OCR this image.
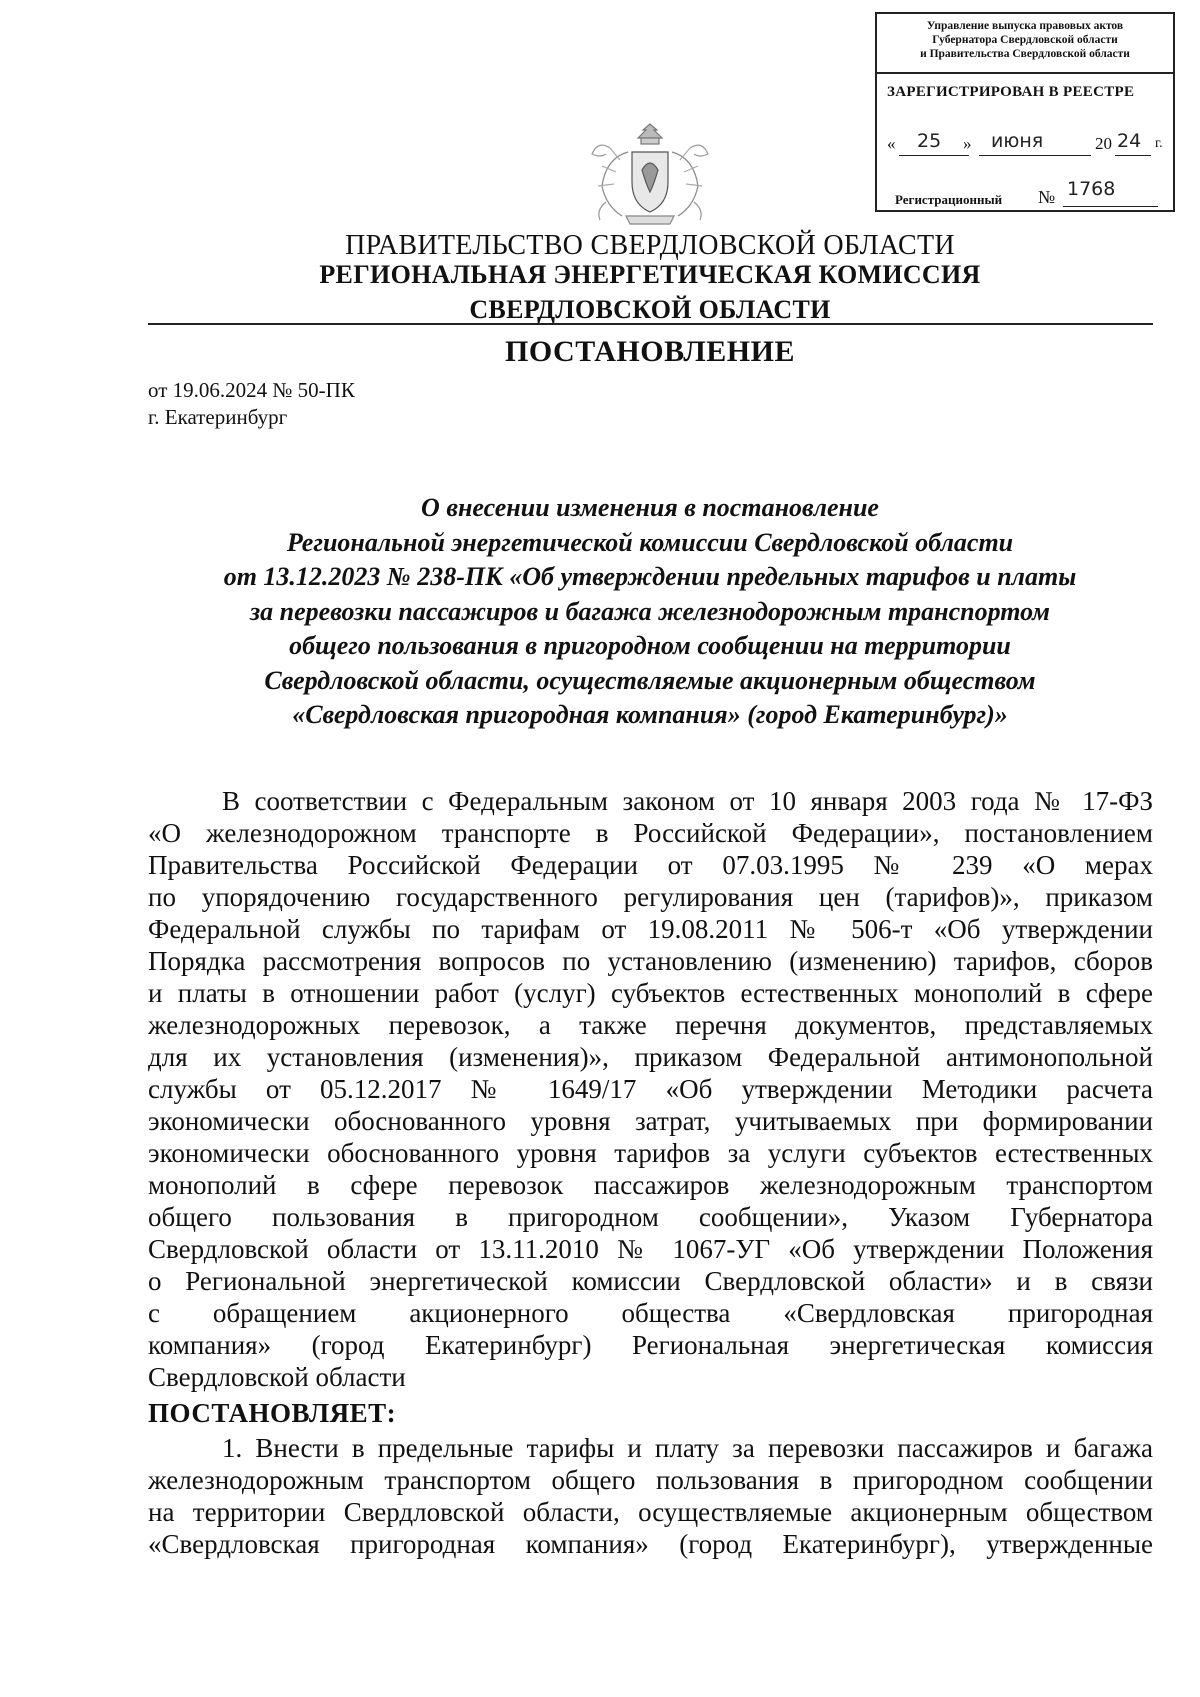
Управление выпуска правовых актов
Губернатора Свердловской области
и Правительства Свердловской области
ЗАРЕГИСТРИРОВАН В РЕЕСТРЕ
« 25 » июня	20 24 г.
Регистрационный № 1768
ПРАВИТЕЛЬСТВО СВЕРДЛОВСКОЙ ОБЛАСТИ
РЕГИОНАЛЬНАЯ ЭНЕРГЕТИЧЕСКАЯ КОМИССИЯ
СВЕРДЛОВСКОЙ ОБЛАСТИ
ПОСТАНОВЛЕНИЕ
от 19.06.2024 № 50-ПК
г. Екатеринбург
О внесении изменения в постановление
Региональной энергетической комиссии Свердловской области
от 13.12.2023 № 238-ПК «Об утверждении предельных тарифов и платы
за перевозки пассажиров и багажа железнодорожным транспортом
общего пользования в пригородном сообщении на территории
Свердловской области, осуществляемые акционерным обществом
«Свердловская пригородная компания» (город Екатеринбург)»
В соответствии с Федеральным законом от 10 января 2003 года № 17-ФЗ
«О железнодорожном транспорте в Российской Федерации», постановлением
Правительства Российской Федерации от 07.03.1995 № 239 «О мерах
по упорядочению государственного регулирования цен (тарифов)», приказом
Федеральной службы по тарифам от 19.08.2011 № 506-т «Об утверждении
Порядка рассмотрения вопросов по установлению (изменению) тарифов, сборов
и платы в отношении работ (услуг) субъектов естественных монополий в сфере
железнодорожных перевозок, а также перечня документов, представляемых
для их установления (изменения)», приказом Федеральной антимонопольной
службы от 05.12.2017 № 1649/17 «Об утверждении Методики расчета
экономически обоснованного уровня затрат, учитываемых при формировании
экономически обоснованного уровня тарифов за услуги субъектов естественных
монополий в сфере перевозок пассажиров железнодорожным транспортом
общего пользования в пригородном сообщении», Указом Губернатора
Свердловской области от 13.11.2010 № 1067-УГ «Об утверждении Положения
о Региональной энергетической комиссии Свердловской области» и в связи
с обращением акционерного общества «Свердловская пригородная
компания» (город Екатеринбург) Региональная энергетическая комиссия
Свердловской области
ПОСТАНОВЛЯЕТ:
1. Внести в предельные тарифы и плату за перевозки пассажиров и багажа
железнодорожным транспортом общего пользования в пригородном сообщении
на территории Свердловской области, осуществляемые акционерным обществом
«Свердловская пригородная компания» (город Екатеринбург), утвержденные
